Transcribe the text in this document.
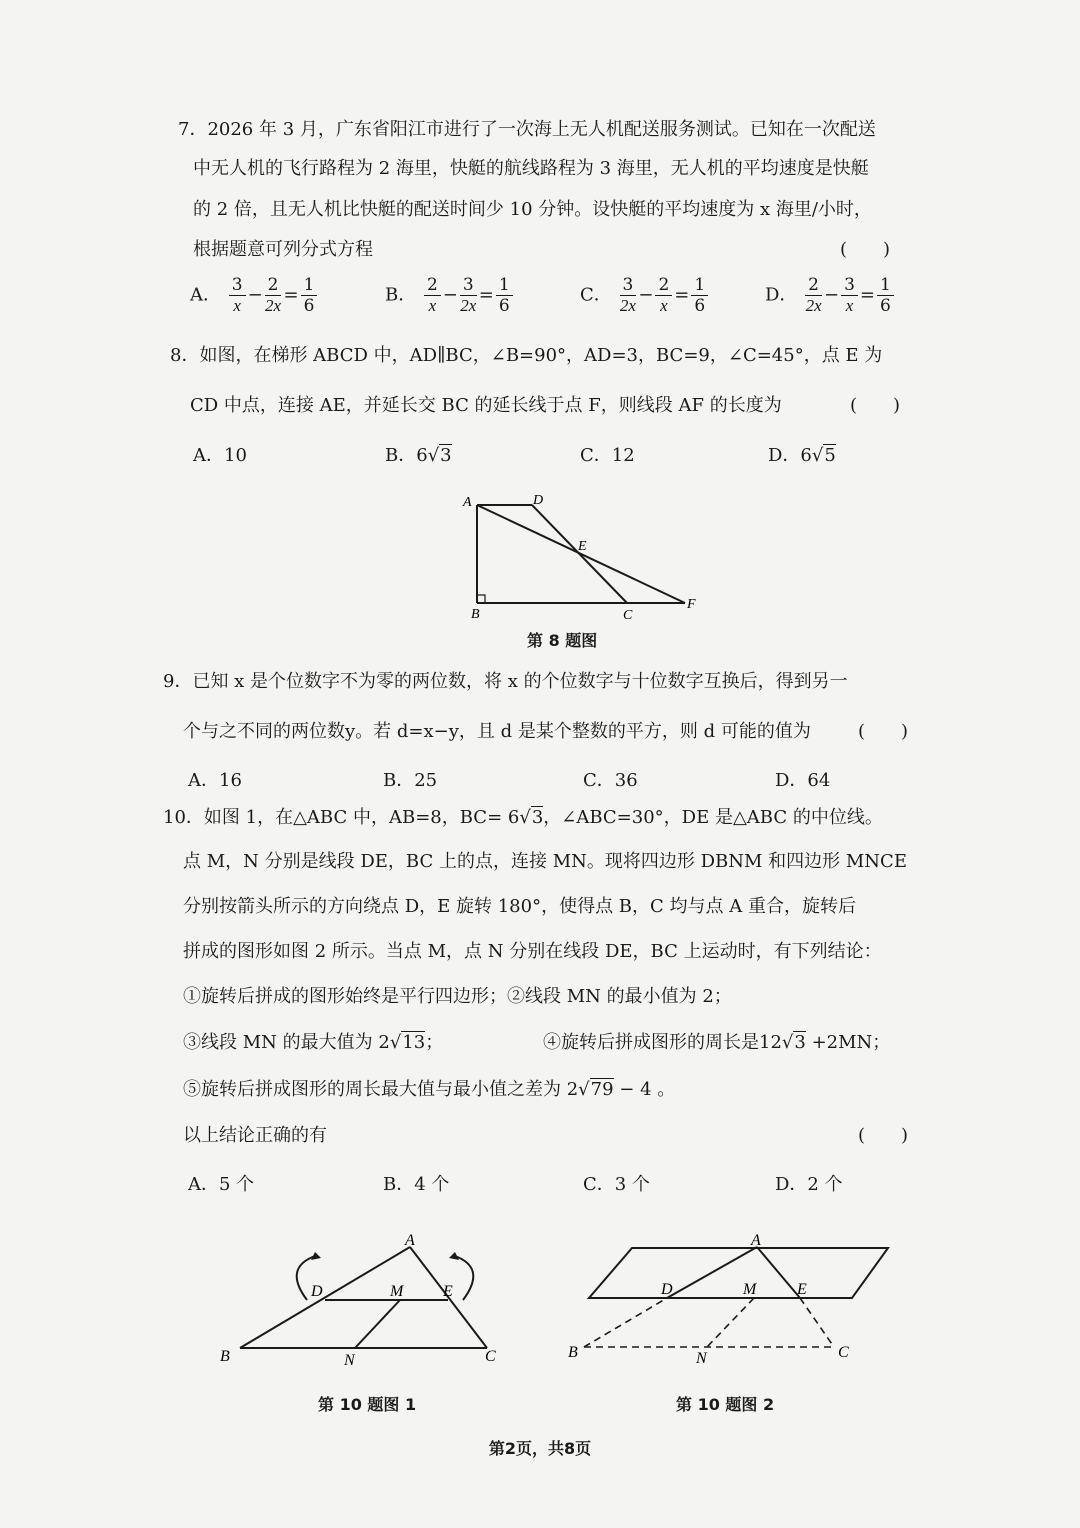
7．2026 年 3 月，广东省阳江市进行了一次海上无人机配送服务测试。已知在一次配送
中无人机的飞行路程为 2 海里，快艇的航线路程为 3 海里，无人机的平均速度是快艇
的 2 倍，且无人机比快艇的配送时间少 10 分钟。设快艇的平均速度为 x 海里/小时，
根据题意可列分式方程	(　　)
A． $\frac{3}{x} - \frac{2}{2x} = \frac{1}{6}$	B． $\frac{2}{x} - \frac{3}{2x} = \frac{1}{6}$	C． $\frac{3}{2x} - \frac{2}{x} = \frac{1}{6}$	D． $\frac{2}{2x} - \frac{3}{x} = \frac{1}{6}$
8．如图，在梯形 ABCD 中，AD∥BC，∠B=90°，AD=3，BC=9，∠C=45°，点 E 为
CD 中点，连接 AE，并延长交 BC 的延长线于点 F，则线段 AF 的长度为	(　　)
A．10	B．6√3	C．12	D．6√5
A	D
E
B	C
F
第 8 题图
9．已知 x 是个位数字不为零的两位数，将 x 的个位数字与十位数字互换后，得到另一
个与之不同的两位数y。若 d=x−y，且 d 是某个整数的平方，则 d 可能的值为	(　　)
A．16	B．25	C．36	D．64
10．如图 1，在△ABC 中，AB=8，BC= 6√3，∠ABC=30°，DE 是△ABC 的中位线。
点 M，N 分别是线段 DE，BC 上的点，连接 MN。现将四边形 DBNM 和四边形 MNCE
分别按箭头所示的方向绕点 D，E 旋转 180°，使得点 B，C 均与点 A 重合，旋转后
拼成的图形如图 2 所示。当点 M，点 N 分别在线段 DE，BC 上运动时，有下列结论：
①旋转后拼成的图形始终是平行四边形；②线段 MN 的最小值为 2；
③线段 MN 的最大值为 2√13；	④旋转后拼成图形的周长是12√3 +2MN；
⑤旋转后拼成图形的周长最大值与最小值之差为 2√79 − 4 。
以上结论正确的有	(　　)
A．5 个	B．4 个	C．3 个	D．2 个
A
D	M E
B	N	C
第 10 题图 1
A
D	M	E
B	N	C
第 10 题图 2
第2页，共8页
